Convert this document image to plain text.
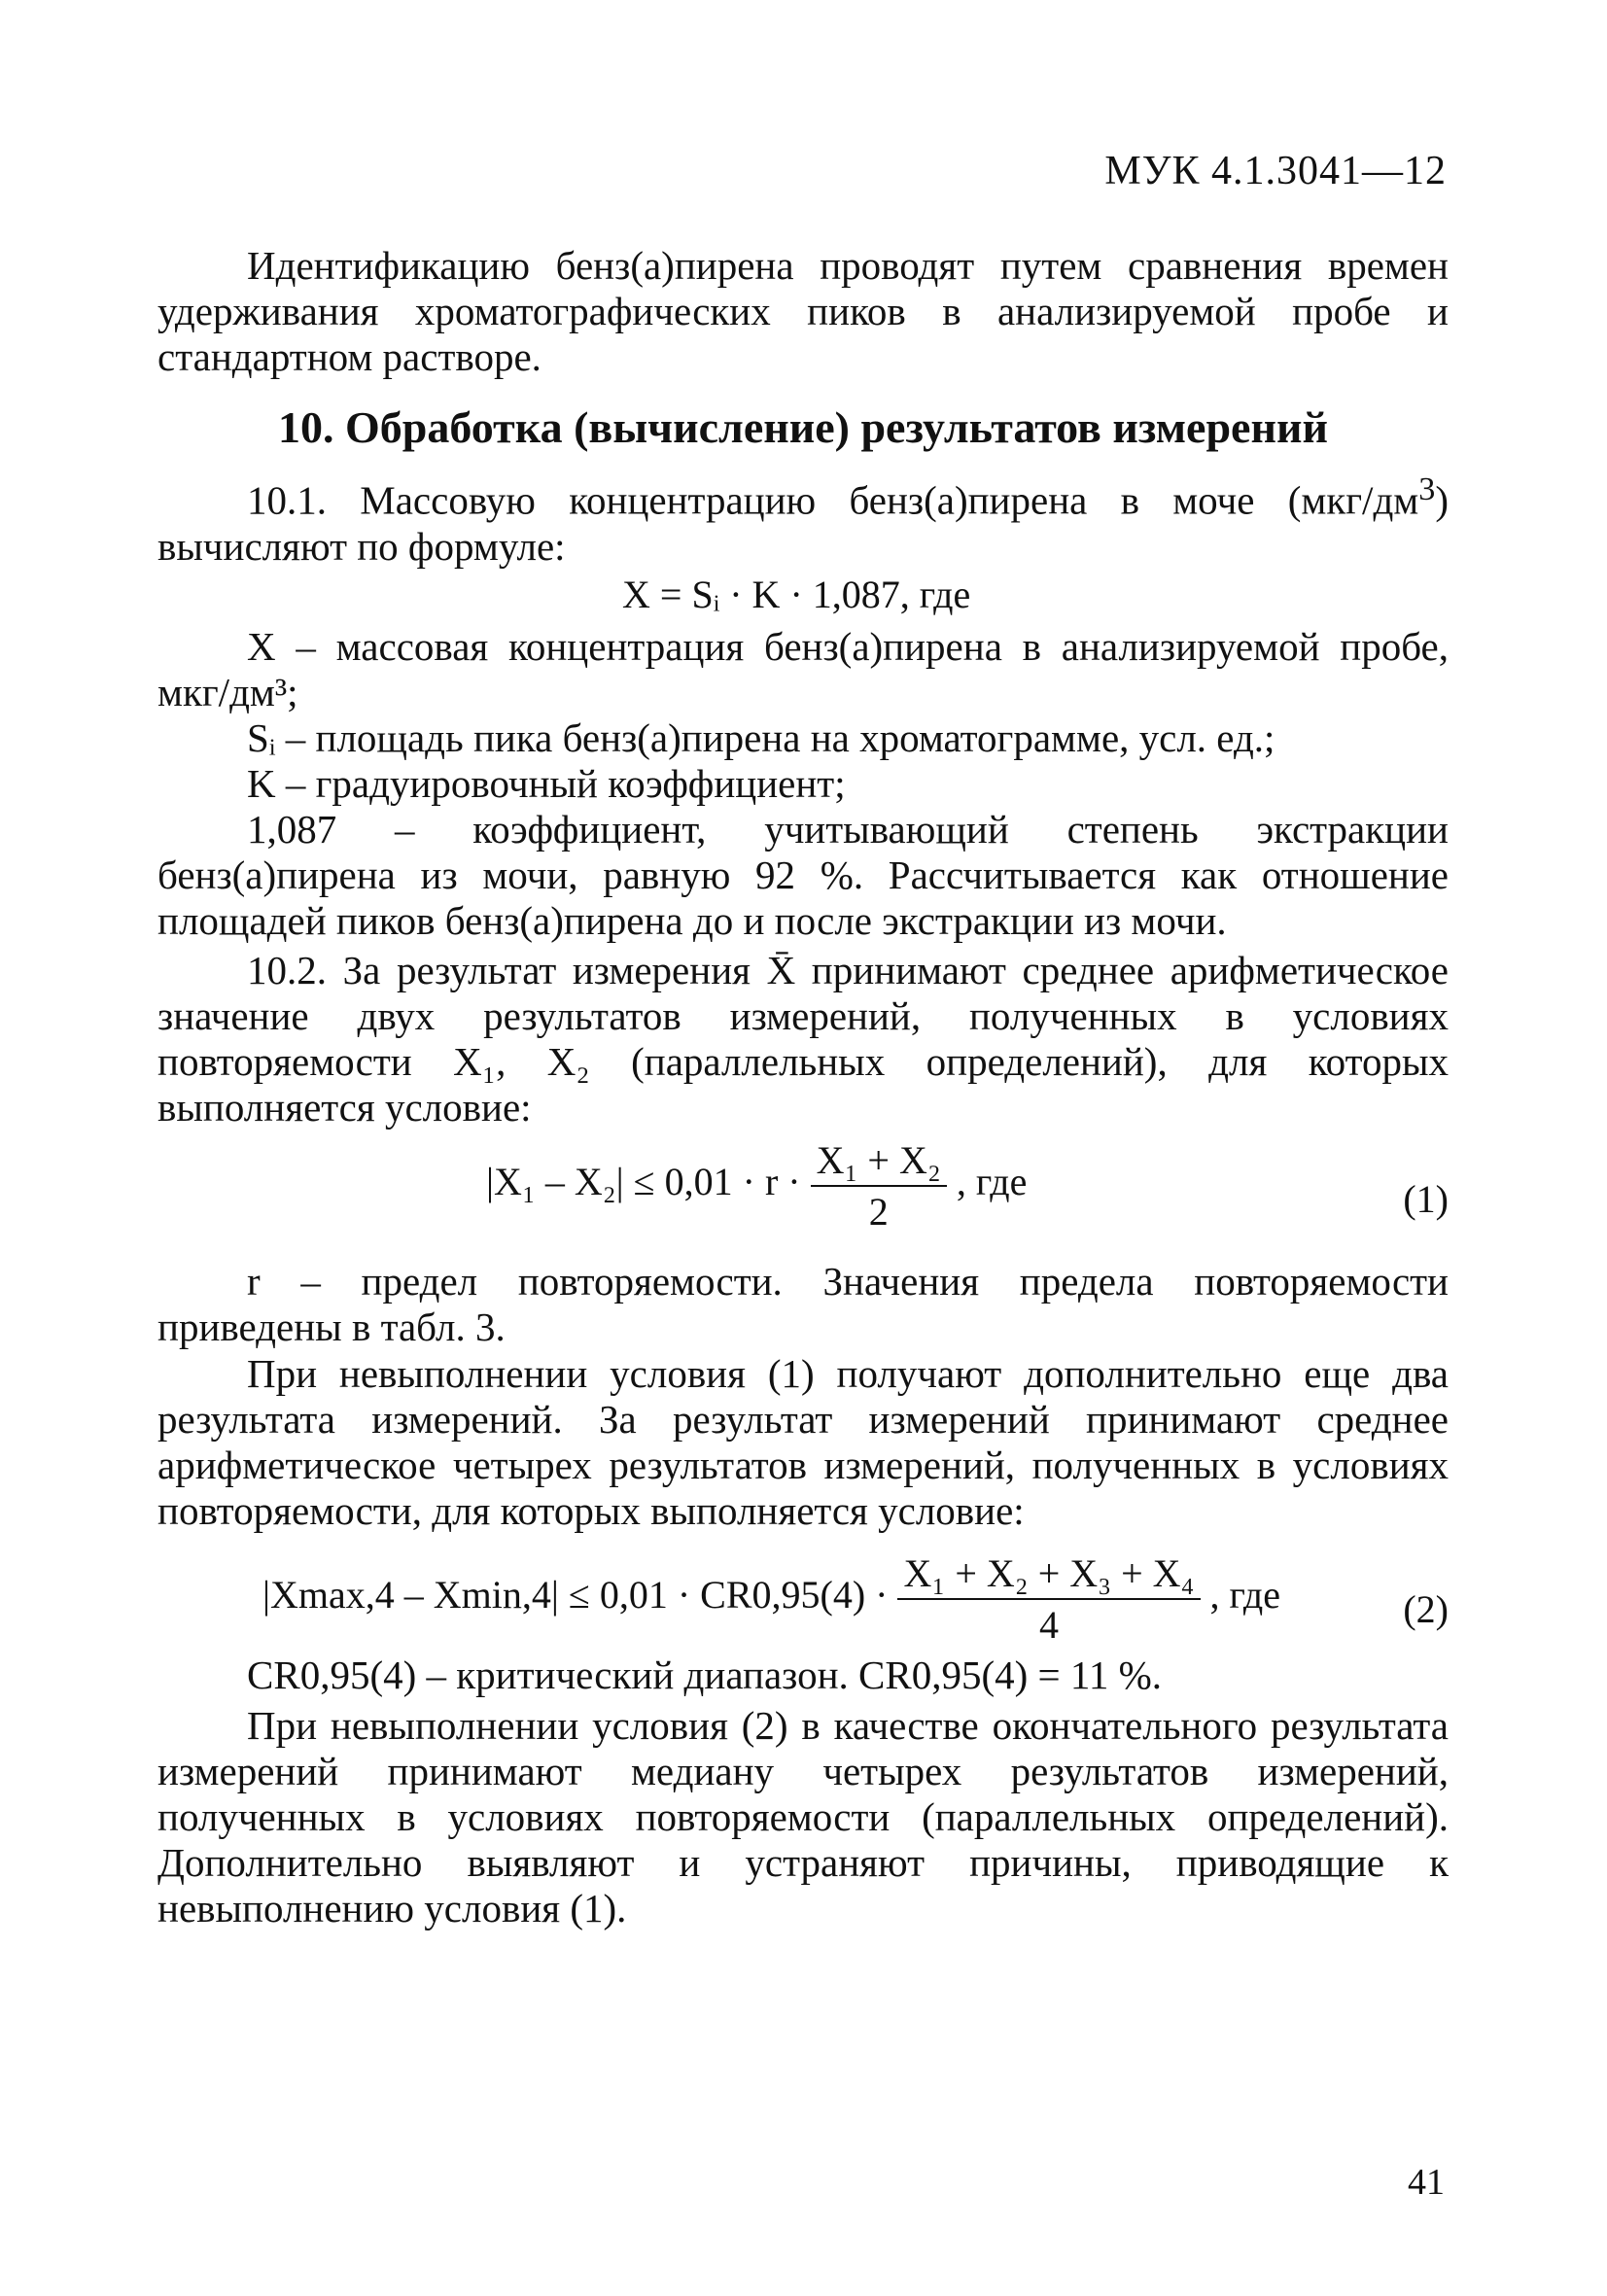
МУК 4.1.3041—12
Идентификацию бенз(а)пирена проводят путем сравнения времен удерживания хроматографических пиков в анализируемой пробе и стандартном растворе.
10. Обработка (вычисление) результатов измерений
10.1. Массовую концентрацию бенз(а)пирена в моче $(мкг/дм^3)$ вычисляют по формуле:
X = Sᵢ · K · 1,087, где

X – массовая концентрация бенз(а)пирена в анализируемой пробе, мкг/дм³;

Sᵢ – площадь пика бенз(а)пирена на хроматограмме, усл. ед.;

K – градуировочный коэффициент;

1,087 – коэффициент, учитывающий степень экстракции бенз(а)пирена из мочи, равную 92 %. Рассчитывается как отношение площадей пиков бенз(а)пирена до и после экстракции из мочи.

10.2. За результат измерения X̄ принимают среднее арифметическое значение двух результатов измерений, полученных в условиях повторяемости X₁, X₂ (параллельных определений), для которых выполняется условие:
$|X_1 - X_2| \le 0,01 \cdot r \cdot \frac{\text{X₁ + X₂}}{2}$ , где	(1)
r – предел повторяемости. Значения предела повторяемости приведены в табл. 3.
При невыполнении условия (1) получают дополнительно еще два результата измерений. За результат измерений принимают среднее арифметическое четырех результатов измерений, полученных в условиях повторяемости, для которых выполняется условие:
$|Xmax,4 - Xmin,4| \le 0,01 \cdot CR0,95(4) \cdot \frac{\text{X₁ + X₂ + X₃ + X₄}}{4}$ , где	(2)

CR0,95(4) – критический диапазон. CR0,95(4) = 11 %.

При невыполнении условия (2) в качестве окончательного результата измерений принимают медиану четырех результатов измерений, полученных в условиях повторяемости (параллельных определений). Дополнительно выявляют и устраняют причины, приводящие к невыполнению условия (1).
41
